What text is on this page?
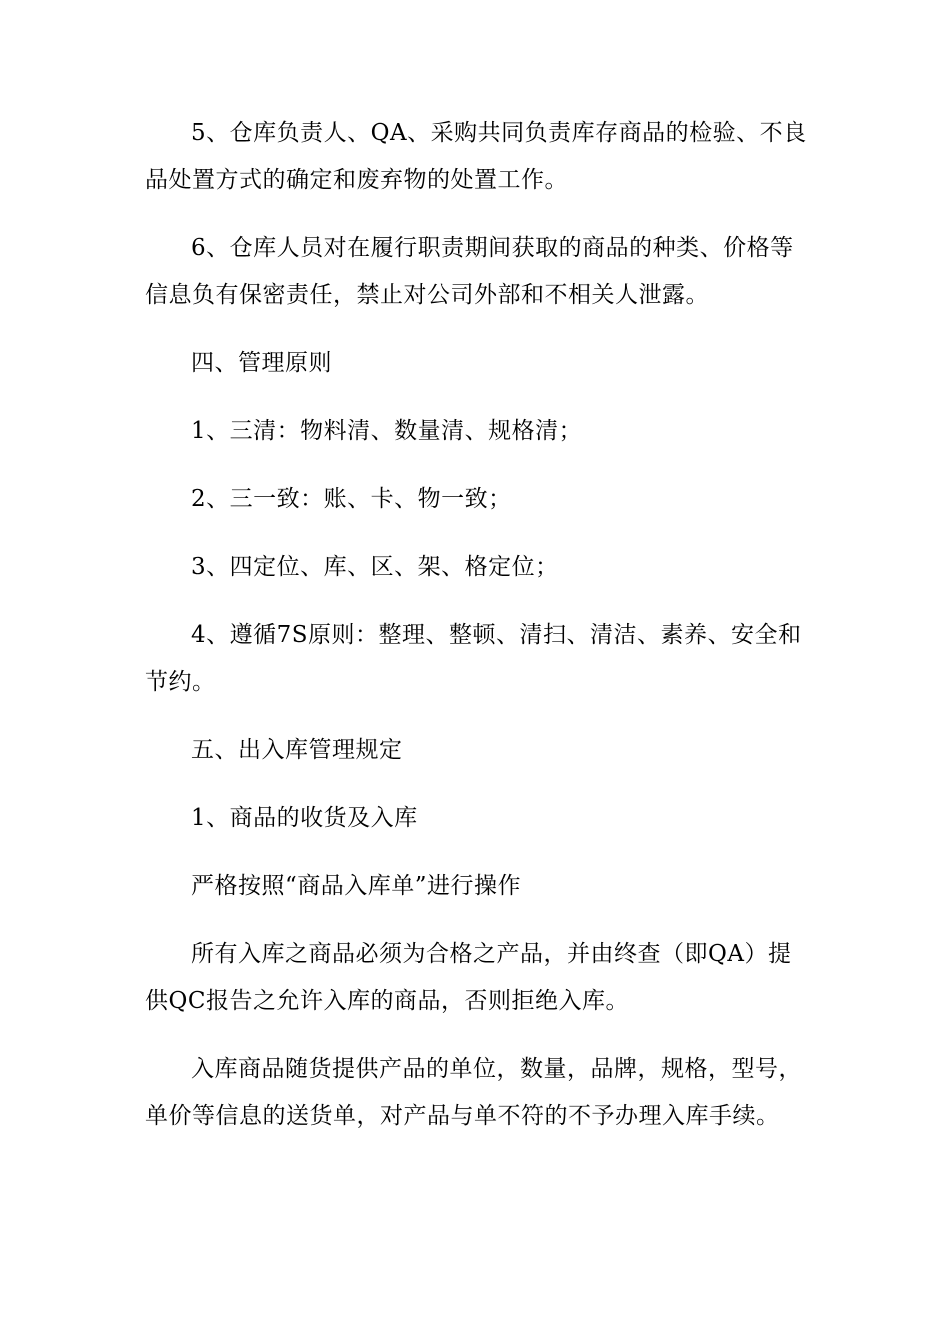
5、仓库负责人、QA、采购共同负责库存商品的检验、不良品处置方式的确定和废弃物的处置工作。

6、仓库人员对在履行职责期间获取的商品的种类、价格等信息负有保密责任，禁止对公司外部和不相关人泄露。

四、管理原则

1、三清：物料清、数量清、规格清；

2、三一致：账、卡、物一致；

3、四定位、库、区、架、格定位；

4、遵循7S原则：整理、整顿、清扫、清洁、素养、安全和节约。

五、出入库管理规定

1、商品的收货及入库

严格按照“商品入库单”进行操作

所有入库之商品必须为合格之产品，并由终查（即QA）提供QC报告之允许入库的商品，否则拒绝入库。

入库商品随货提供产品的单位，数量，品牌，规格，型号，单价等信息的送货单，对产品与单不符的不予办理入库手续。
